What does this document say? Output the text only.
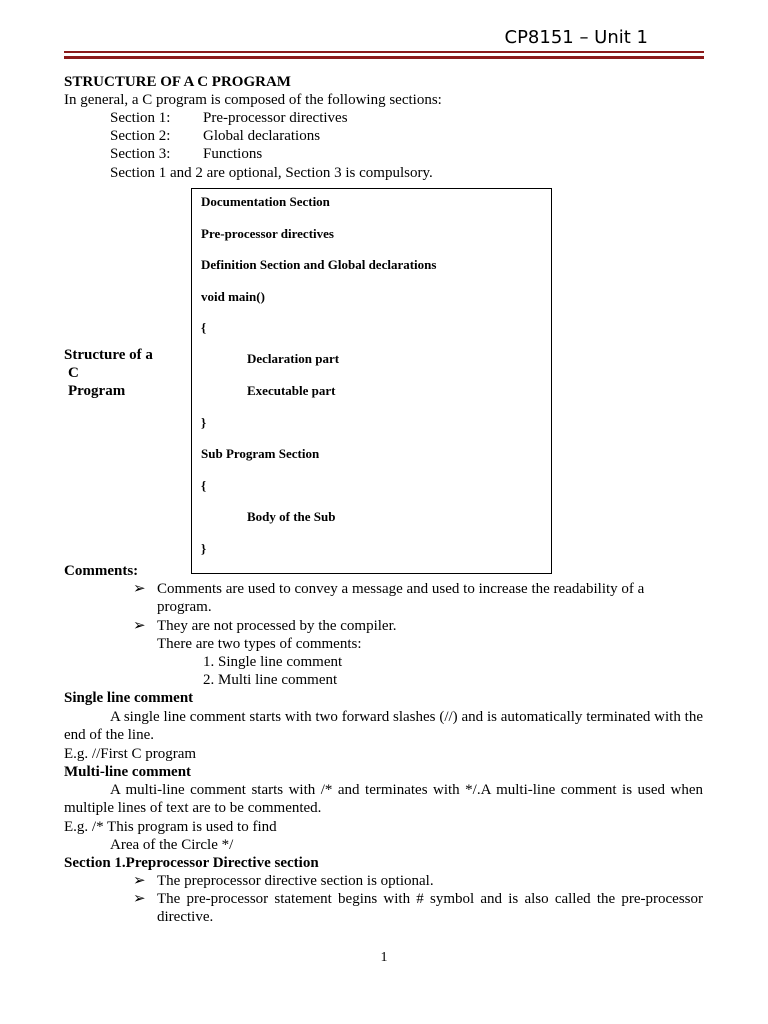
CP8151 – Unit 1
STRUCTURE OF A C PROGRAM
In general, a C program is composed of the following sections:
Section 1: Pre-processor directives
Section 2: Global declarations
Section 3: Functions
Section 1 and 2 are optional, Section 3 is compulsory.
Documentation Section
Pre-processor directives
Definition Section and Global declarations
void main()
{
Declaration part
Executable part
}
Sub Program Section
{
Body of the Sub
}
Structure of a
C
Program
Comments:
➢ Comments are used to convey a message and used to increase the readability of a
program.
➢ They are not processed by the compiler.
There are two types of comments:
1. Single line comment
2. Multi line comment
Single line comment
A single line comment starts with two forward slashes (//) and is automatically terminated with the end of the line.
E.g. //First C program
Multi-line comment
A multi-line comment starts with /* and terminates with */.A multi-line comment is used when multiple lines of text are to be commented.
E.g. /* This program is used to find
Area of the Circle */
Section 1.Preprocessor Directive section
➢ The preprocessor directive section is optional.
➢ The pre-processor statement begins with # symbol and is also called the pre-processor directive.
1
